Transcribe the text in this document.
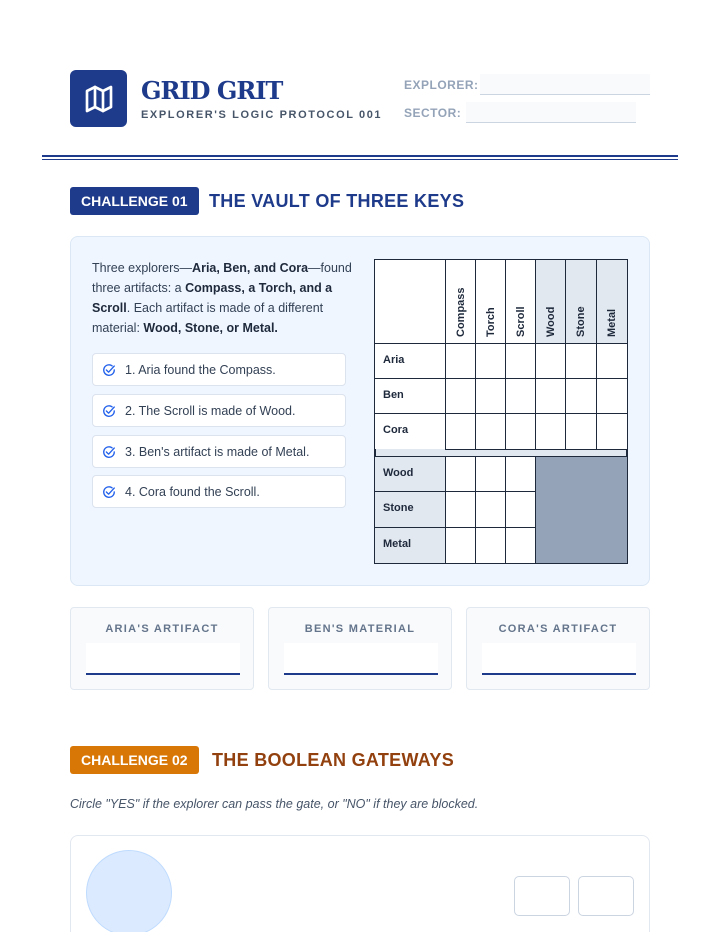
GRID GRIT
EXPLORER'S LOGIC PROTOCOL 001
EXPLORER:
SECTOR:
CHALLENGE 01	THE VAULT OF THREE KEYS
Three explorers—Aria, Ben, and Cora—found three artifacts: a Compass, a Torch, and a Scroll. Each artifact is made of a different material: Wood, Stone, or Metal.
1. Aria found the Compass.
2. The Scroll is made of Wood.
3. Ben's artifact is made of Metal.
4. Cora found the Scroll.
Compass Torch Scroll Wood Stone Metal
Aria
Ben
Cora
Wood
Stone
Metal
ARIA'S ARTIFACT	BEN'S MATERIAL	CORA'S ARTIFACT
CHALLENGE 02	THE BOOLEAN GATEWAYS
Circle "YES" if the explorer can pass the gate, or "NO" if they are blocked.
